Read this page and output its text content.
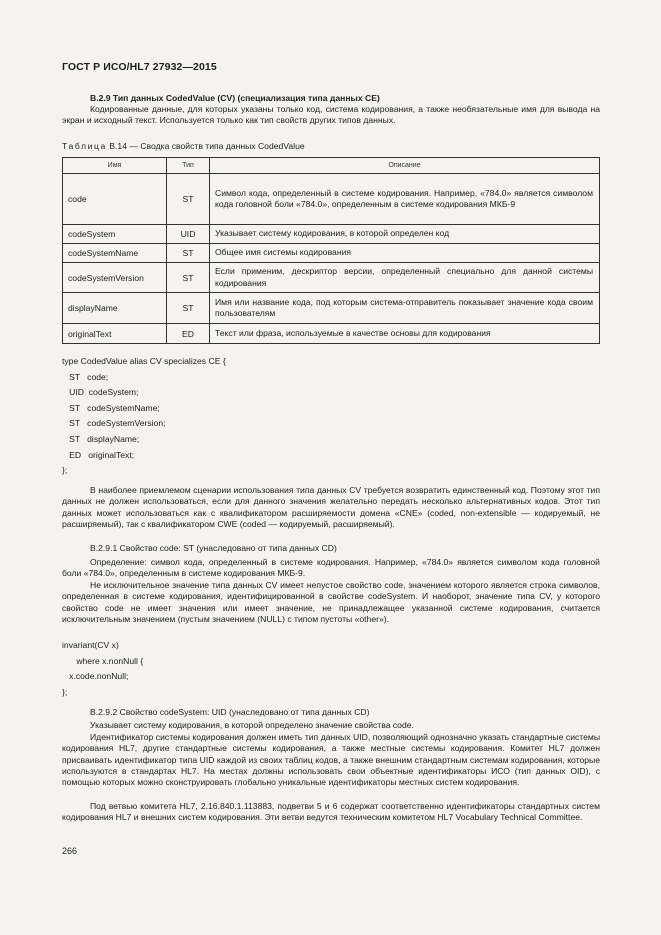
ГОСТ Р ИСО/HL7 27932—2015
B.2.9 Тип данных CodedValue (CV) (специализация типа данных CE)

Кодированные данные, для которых указаны только код, система кодирования, а также необязательные имя для вывода на экран и исходный текст. Используется только как тип свойств других типов данных.

Таблица В.14 — Сводка свойств типа данных CodedValue
Имя	Тип	Описание
code	ST	Символ кода, определенный в системе кодирования. Например, «784.0» является символом кода головной боли «784.0», определенным в системе кодирования МКБ-9
codeSystem	UID	Указывает систему кодирования, в которой определен код
codeSystemName	ST	Общее имя системы кодирования
codeSystemVersion	ST	Если применим, дескриптор версии, определенный специально для данной системы кодирования
displayName	ST	Имя или название кода, под которым система-отправитель показывает значение кода своим пользователям
originalText	ED	Текст или фраза, используемые в качестве основы для кодирования
type CodedValue alias CV specializes CE {
ST   code;
UID  codeSystem;
ST   codeSystemName;
ST   codeSystemVersion;
ST   displayName;
ED   originalText;
};

В наиболее приемлемом сценарии использования типа данных CV требуется возвратить единственный код. Поэтому этот тип данных не должен использоваться, если для данного значения желательно передать несколько альтернативных кодов. Этот тип данных может использоваться как с квалификатором расширяемости домена «CNE» (coded, non-extensible — кодируемый, не расширяемый), так с квалификатором CWE (coded — кодируемый, расширяемый).

B.2.9.1 Свойство code: ST (унаследовано от типа данных CD)

Определение: символ кода, определенный в системе кодирования. Например, «784.0» является символом кода головной боли «784.0», определенным в системе кодирования МКБ-9.

Не исключительное значение типа данных CV имеет непустое свойство code, значением которого является строка символов, определенная в системе кодирования, идентифицированной в свойстве codeSystem. И наоборот, значение типа CV, у которого свойство code не имеет значения или имеет значение, не принадлежащее указанной системе кодирования, считается исключительным значением (пустым значением (NULL) с типом пустоты «other»).

invariant(CV x)
where x.nonNull {
x.code.nonNull;
};

B.2.9.2 Свойство codeSystem: UID (унаследовано от типа данных CD)

Указывает систему кодирования, в которой определено значение свойства code.

Идентификатор системы кодирования должен иметь тип данных UID, позволяющий однозначно указать стандартные системы кодирования HL7, другие стандартные системы кодирования, а также местные системы кодирования. Комитет HL7 должен присваивать идентификатор типа UID каждой из своих таблиц кодов, а также внешним стандартным системам кодирования, которые используются в стандартах HL7. На местах должны использовать свои объектные идентификаторы ИСО (тип данных OID), с помощью которых можно сконструировать глобально уникальные идентификаторы местных систем кодирования.

Под ветвью комитета HL7, 2.16.840.1.113883, подветви 5 и 6 содержат соответственно идентификаторы стандартных систем кодирования HL7 и внешних систем кодирования. Эти ветви ведутся техническим комитетом HL7 Vocabulary Technical Committee.

266
